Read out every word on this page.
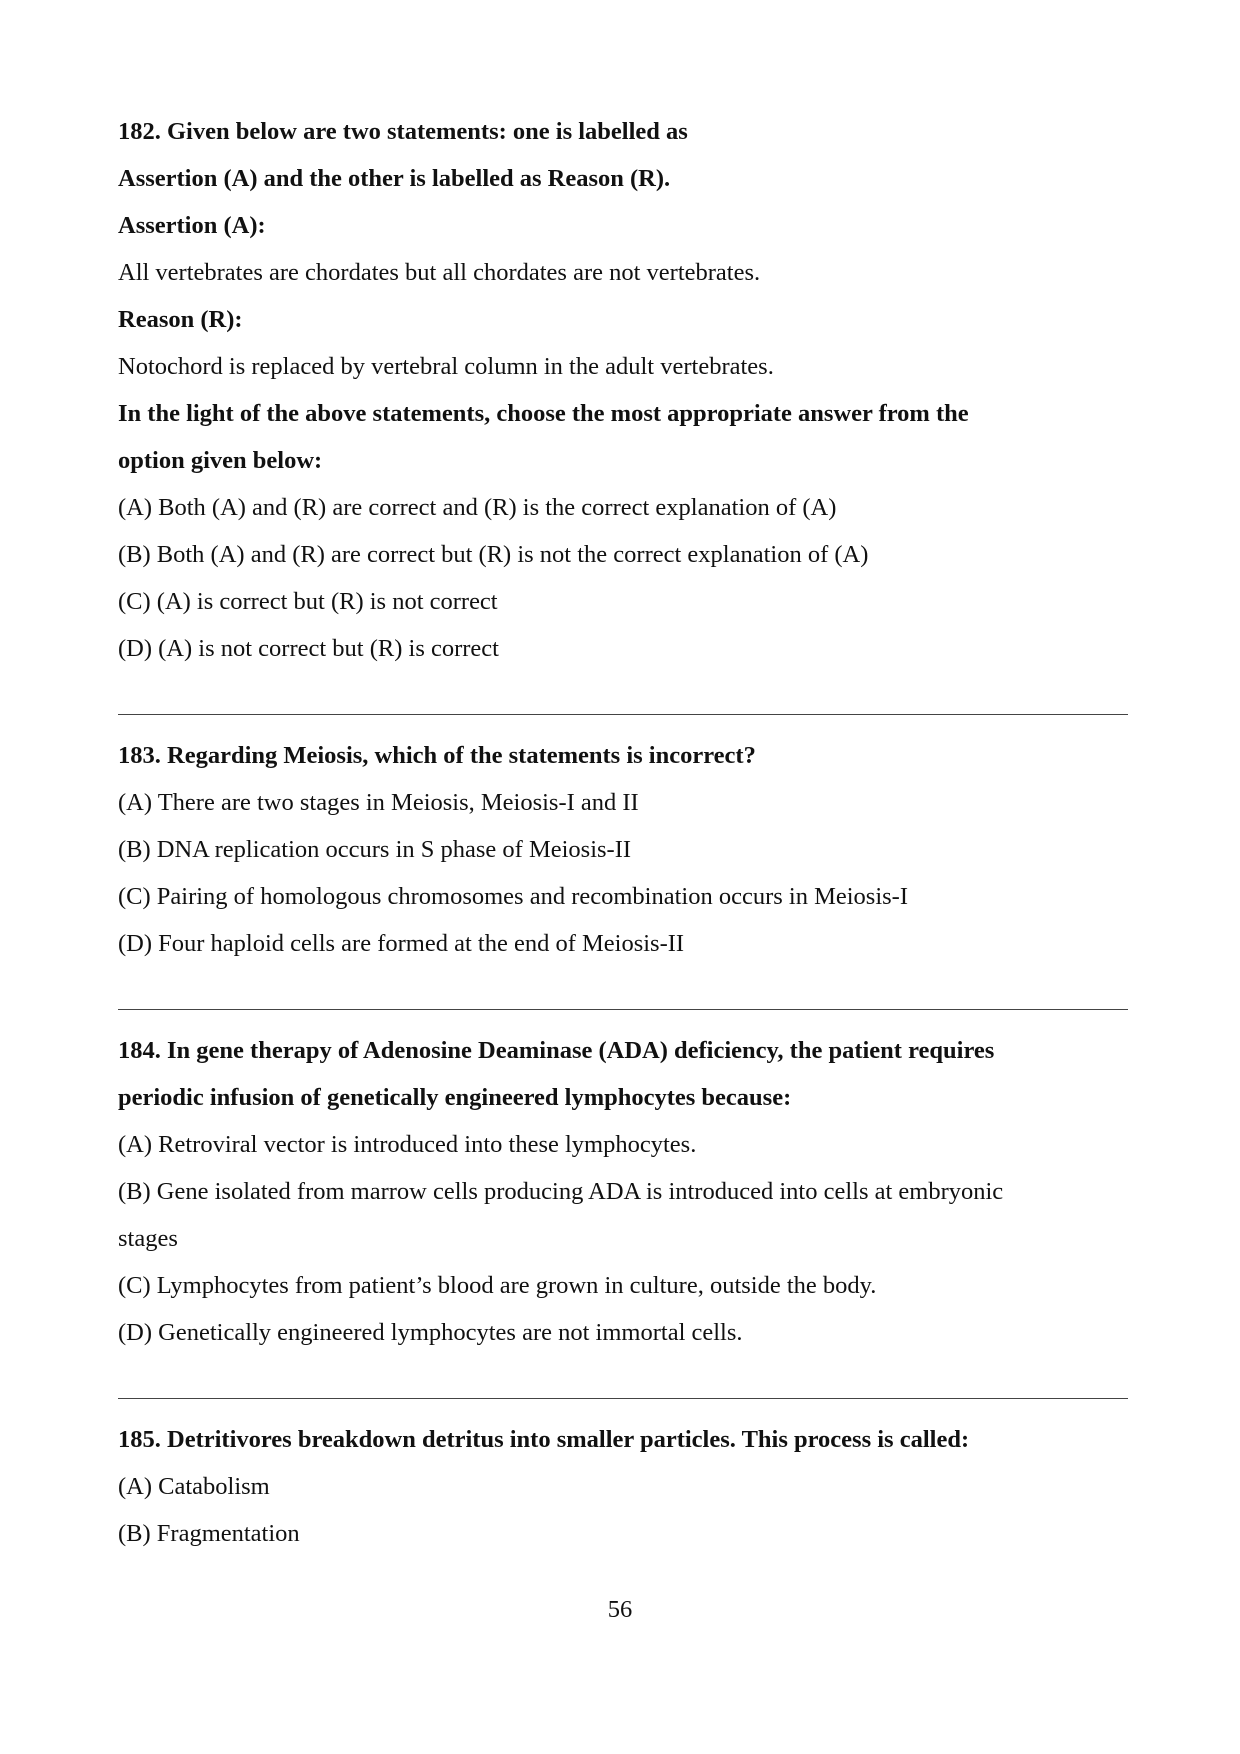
182. Given below are two statements: one is labelled as
Assertion (A) and the other is labelled as Reason (R).
Assertion (A):
All vertebrates are chordates but all chordates are not vertebrates.
Reason (R):
Notochord is replaced by vertebral column in the adult vertebrates.
In the light of the above statements, choose the most appropriate answer from the
option given below:
(A) Both (A) and (R) are correct and (R) is the correct explanation of (A)
(B) Both (A) and (R) are correct but (R) is not the correct explanation of (A)
(C) (A) is correct but (R) is not correct
(D) (A) is not correct but (R) is correct
183. Regarding Meiosis, which of the statements is incorrect?
(A) There are two stages in Meiosis, Meiosis-I and II
(B) DNA replication occurs in S phase of Meiosis-II
(C) Pairing of homologous chromosomes and recombination occurs in Meiosis-I
(D) Four haploid cells are formed at the end of Meiosis-II
184. In gene therapy of Adenosine Deaminase (ADA) deficiency, the patient requires
periodic infusion of genetically engineered lymphocytes because:
(A) Retroviral vector is introduced into these lymphocytes.
(B) Gene isolated from marrow cells producing ADA is introduced into cells at embryonic
stages
(C) Lymphocytes from patient’s blood are grown in culture, outside the body.
(D) Genetically engineered lymphocytes are not immortal cells.
185. Detritivores breakdown detritus into smaller particles. This process is called:
(A) Catabolism
(B) Fragmentation
56
